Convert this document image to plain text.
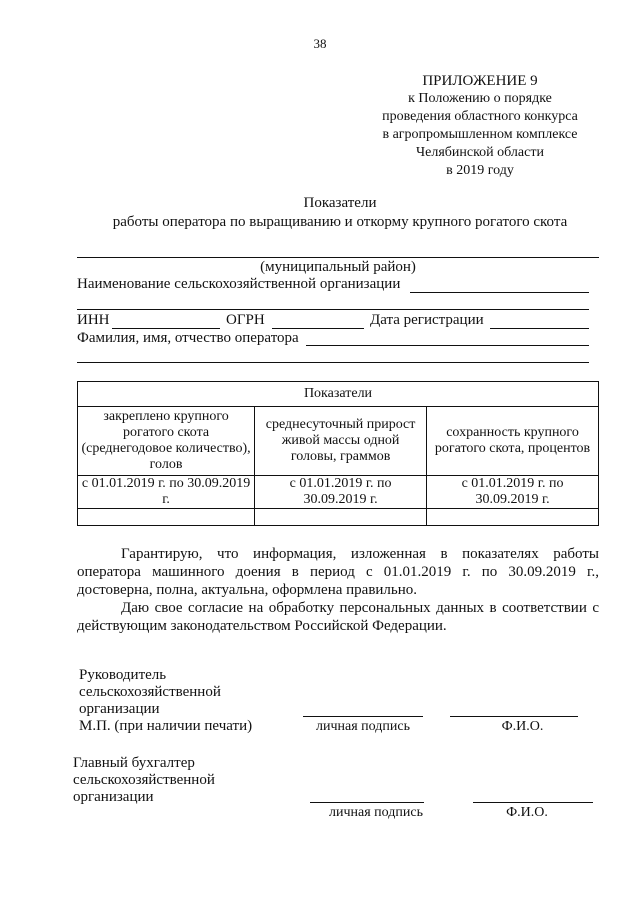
38
ПРИЛОЖЕНИЕ 9
к Положению о порядке
проведения областного конкурса
в агропромышленном комплексе
Челябинской области
в 2019 году
Показатели
работы оператора по выращиванию и откорму крупного рогатого скота
(муниципальный район)
Наименование сельскохозяйственной организации
ИНН	ОГРН	Дата регистрации
Фамилия, имя, отчество оператора
Показатели		
закреплено крупного рогатого скота (среднегодовое количество), голов	среднесуточный прирост живой массы одной головы, граммов	сохранность крупного рогатого скота, процентов
с 01.01.2019 г. по 30.09.2019 г.	с 01.01.2019 г. по 30.09.2019 г.	с 01.01.2019 г. по 30.09.2019 г.

Гарантирую, что информация, изложенная в показателях работы оператора машинного доения в период с 01.01.2019 г. по 30.09.2019 г., достоверна, полна, актуальна, оформлена правильно.
Даю свое согласие на обработку персональных данных в соответствии с действующим законодательством Российской Федерации.
Руководитель
сельскохозяйственной
организации
М.П. (при наличии печати)	личная подпись	Ф.И.О.
Главный бухгалтер
сельскохозяйственной
организации
личная подпись	Ф.И.О.
